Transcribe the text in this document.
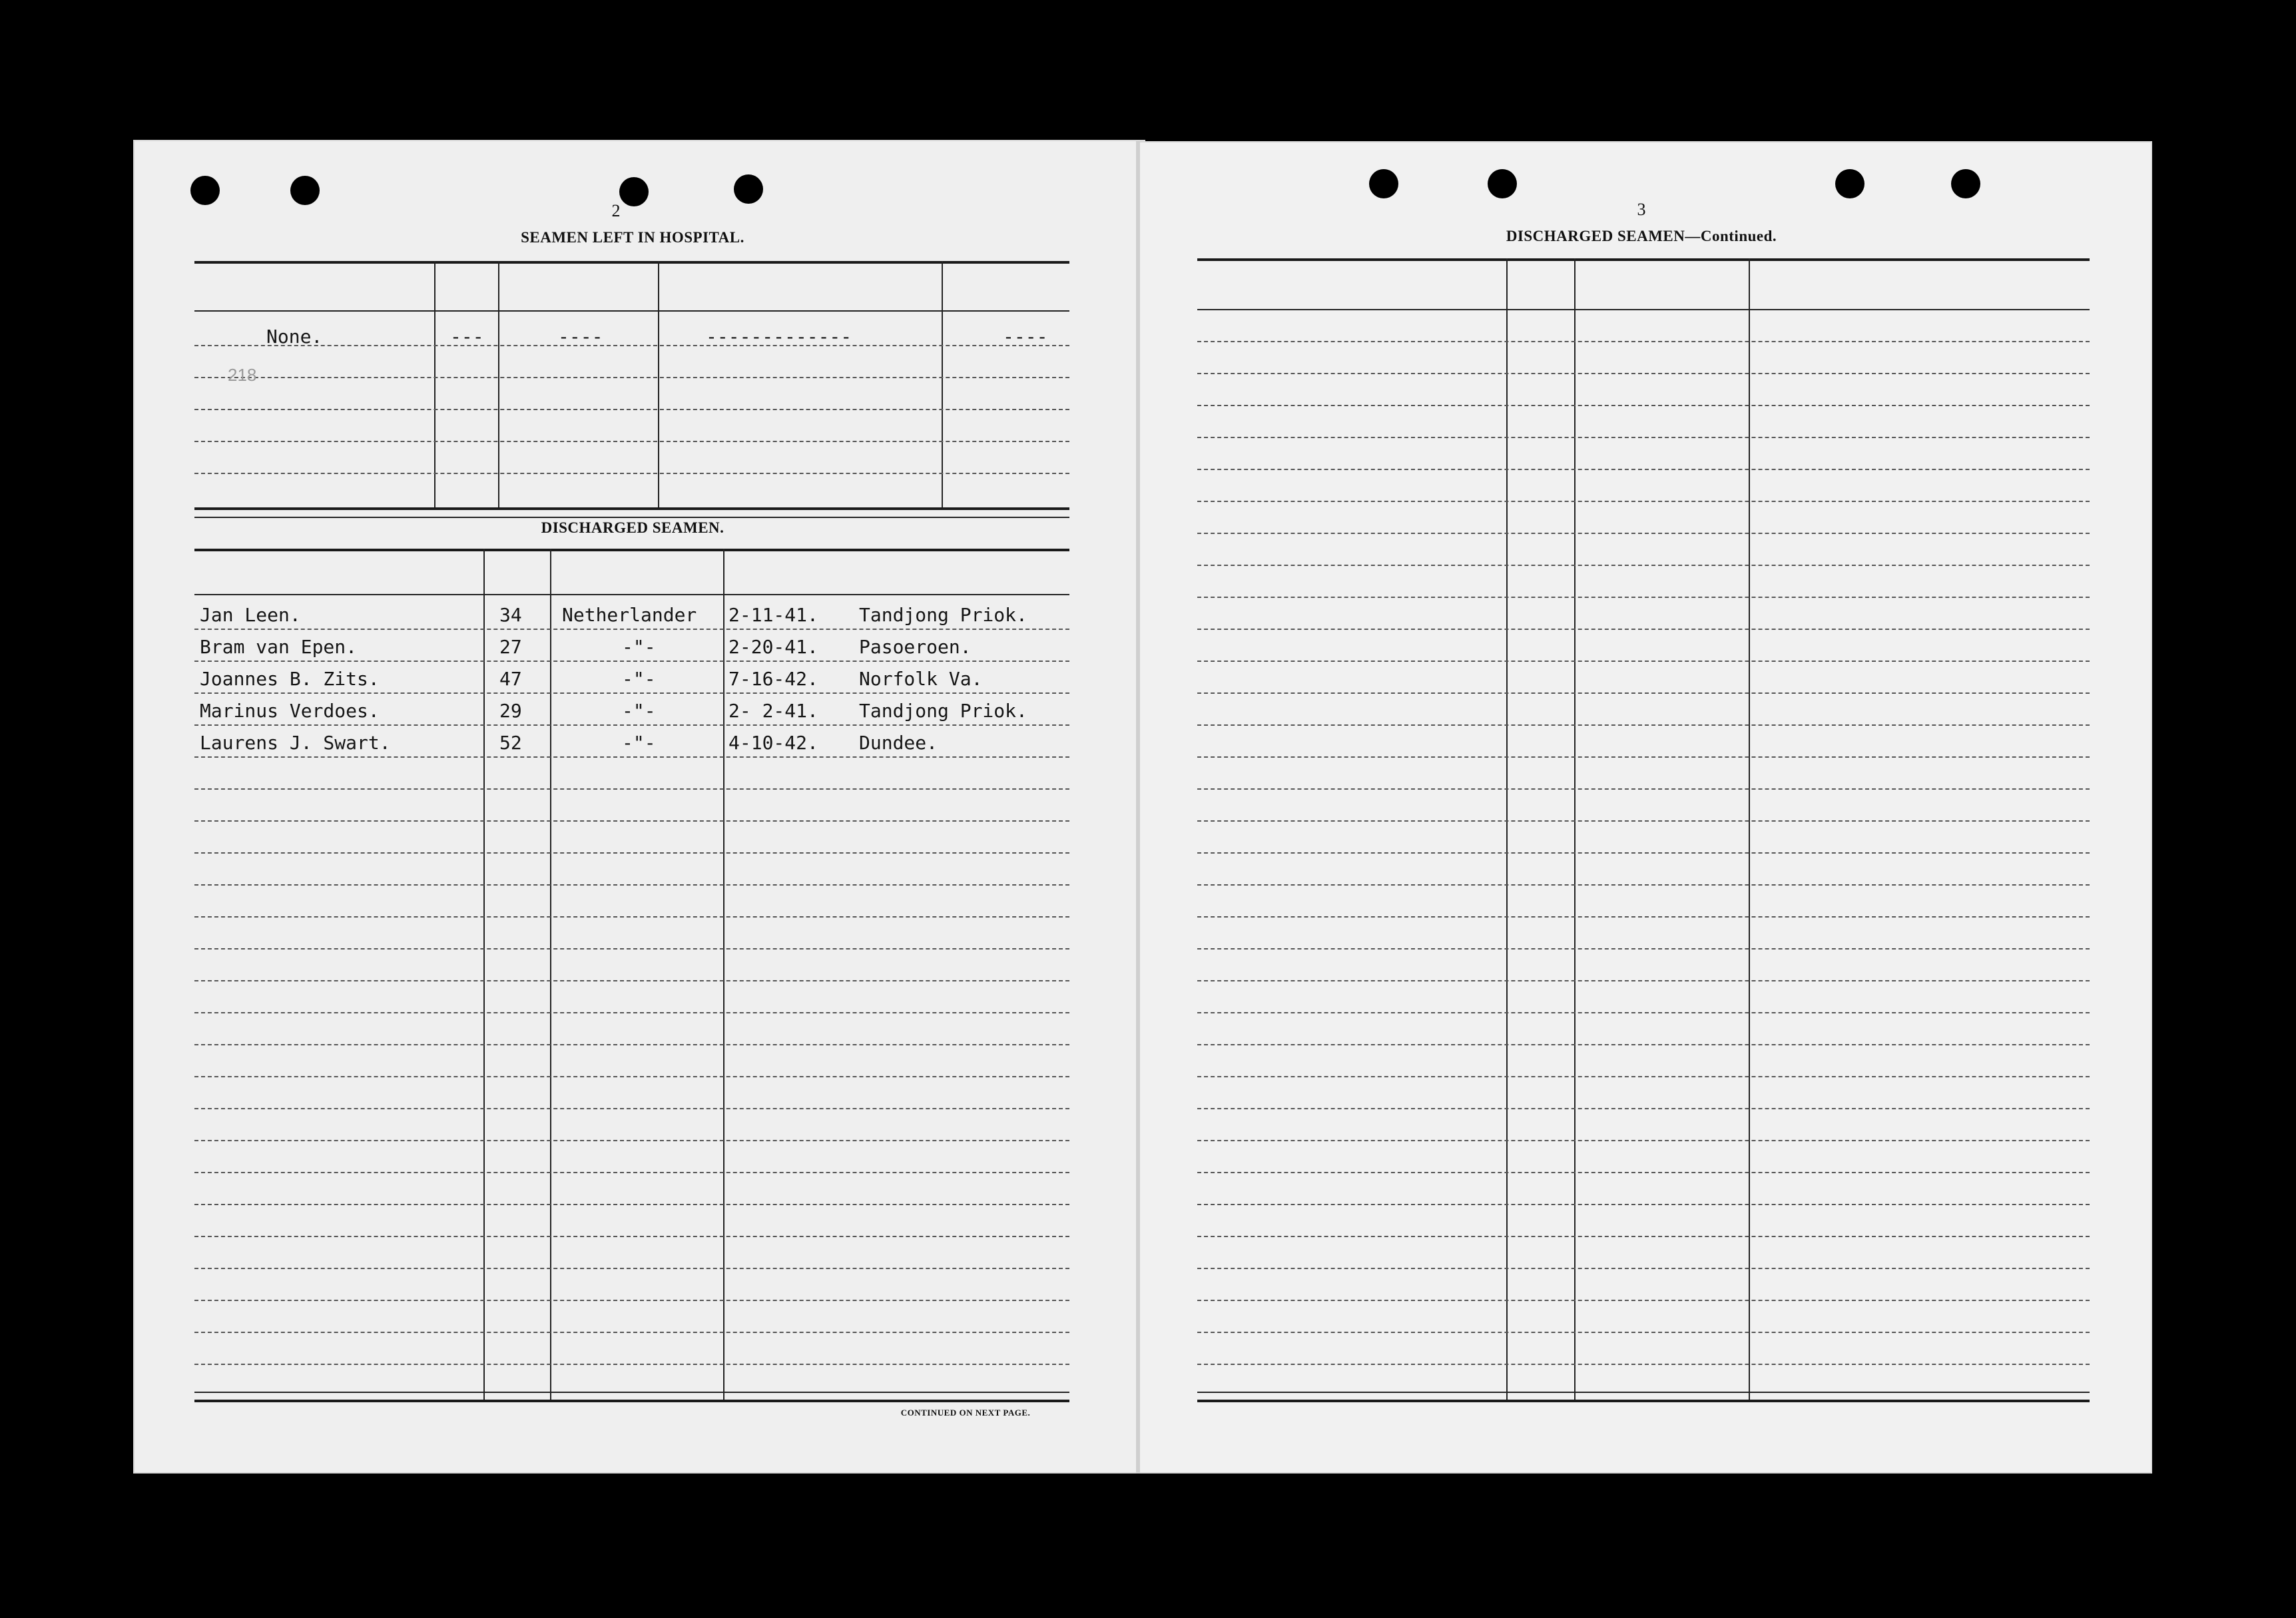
2
SEAMEN LEFT IN HOSPITAL.
None.	---	----	-------------	----
Jan Leen.	34 Netherlander 2-11-41. Tandjong Priok.
Bram van Epen.	27	-"-	2-20-41. Pasoeroen.
Joannes B. Zits.	47	-"-	7-16-42. Norfolk Va.
Marinus Verdoes.	29	-"-	2- 2-41. Tandjong Priok.
Laurens J. Swart.	52	-"-	4-10-42. Dundee.
218
DISCHARGED SEAMEN.
CONTINUED ON NEXT PAGE.
3
DISCHARGED SEAMEN—Continued.
